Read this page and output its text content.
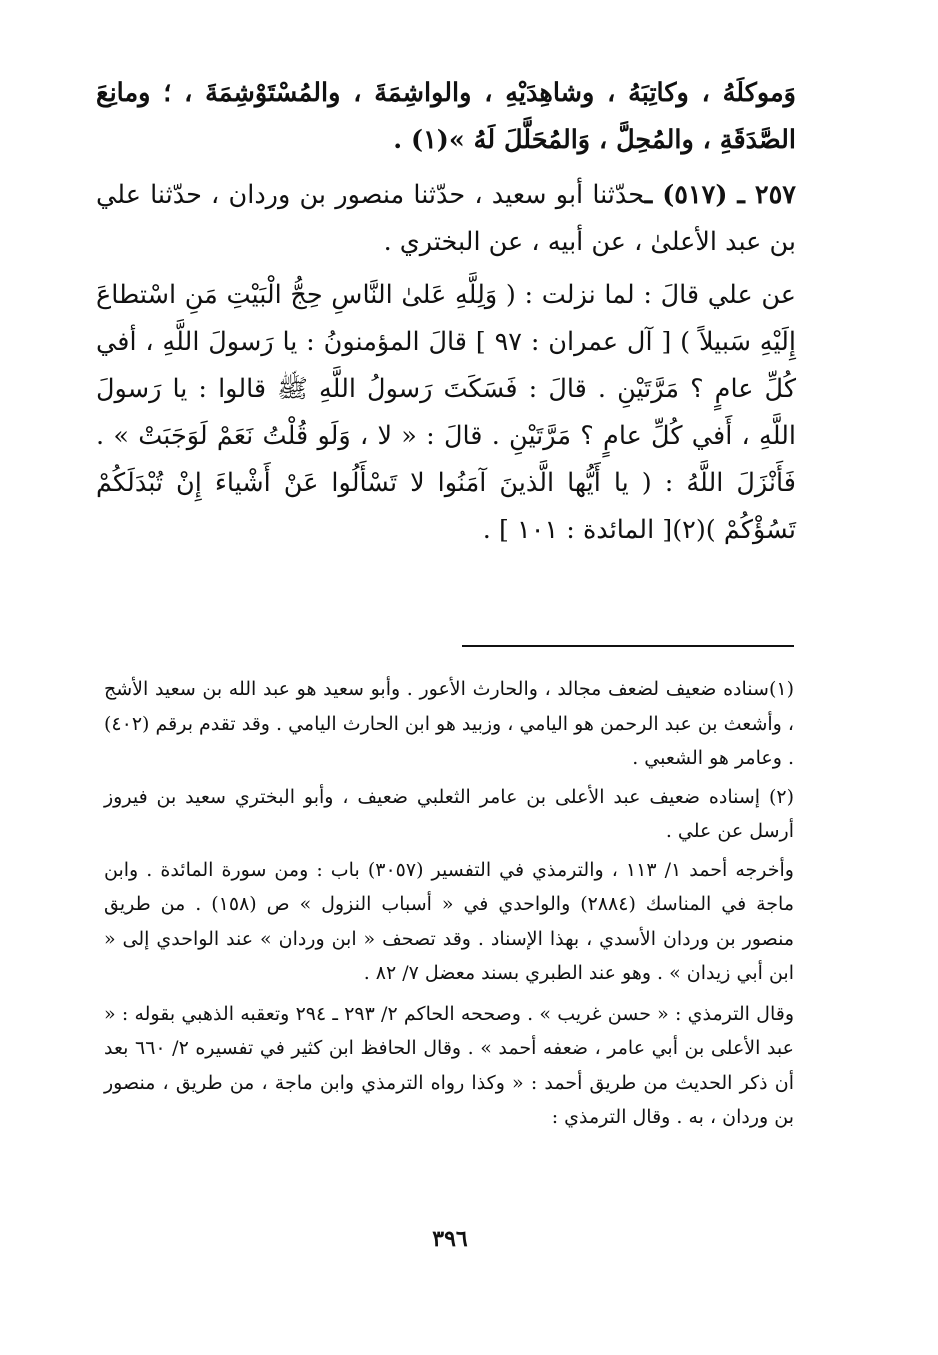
وَموكلَهُ ، وكاتِبَهُ ، وشاهِدَيْهِ ، والواشِمَةَ ، والمُسْتَوْشِمَةَ ، ؛ ومانِعَ الصَّدَقَةِ ، والمُحِلَّ ، وَالمُحَلَّلَ لَهُ »(١) .

٢٥٧ ـ (٥١٧) ـحدّثنا أبو سعيد ، حدّثنا منصور بن وردان ، حدّثنا علي بن عبد الأعلىٰ ، عن أبيه ، عن البختري .

عن علي قالَ : لما نزلت : ( وَلِلَّهِ عَلىٰ النَّاسِ حِجُّ الْبَيْتِ مَنِ اسْتطاعَ إِلَيْهِ سَبيلاً ) [ آل عمران : ٩٧ ] قالَ المؤمنونُ : يا رَسولَ اللَّهِ ، أفي كُلِّ عامٍ ؟ مَرَّتَيْنِ . قالَ : فَسَكَتَ رَسولُ اللَّهِ ﷺ قالوا : يا رَسولَ اللَّهِ ، أَفي كُلِّ عامٍ ؟ مَرَّتَيْنِ . قالَ : « لا ، وَلَو قُلْتُ نَعَمْ لَوَجَبَتْ » . فَأَنْزَلَ اللَّهُ : ( يا أَيُّها الَّذينَ آمَنُوا لا تَسْأَلُوا عَنْ أَشْياءَ إِنْ تُبْدَلَكُمْ تَسُؤْكُمْ )(٢)[ المائدة : ١٠١ ] .

(١)سناده ضعيف لضعف مجالد ، والحارث الأعور . وأبو سعيد هو عبد الله بن سعيد الأشج ، وأشعث بن عبد الرحمن هو اليامي ، وزبيد هو ابن الحارث اليامي . وقد تقدم برقم (٤٠٢) . وعامر هو الشعبي .

(٢) إسناده ضعيف عبد الأعلى بن عامر الثعلبي ضعيف ، وأبو البختري سعيد بن فيروز أرسل عن علي .

وأخرجه أحمد ١/ ١١٣ ، والترمذي في التفسير (٣٠٥٧) باب : ومن سورة المائدة . وابن ماجة في المناسك (٢٨٨٤) والواحدي في « أسباب النزول » ص (١٥٨) . من طريق منصور بن وردان الأسدي ، بهذا الإسناد . وقد تصحف « ابن وردان » عند الواحدي إلى « ابن أبي زيدان » . وهو عند الطبري بسند معضل ٧/ ٨٢ .

وقال الترمذي : « حسن غريب » . وصححه الحاكم ٢/ ٢٩٣ ـ ٢٩٤ وتعقبه الذهبي بقوله : « عبد الأعلى بن أبي عامر ، ضعفه أحمد » . وقال الحافظ ابن كثير في تفسيره ٢/ ٦٦٠ بعد أن ذكر الحديث من طريق أحمد : « وكذا رواه الترمذي وابن ماجة ، من طريق ، منصور بن وردان ، به . وقال الترمذي :

٣٩٦
